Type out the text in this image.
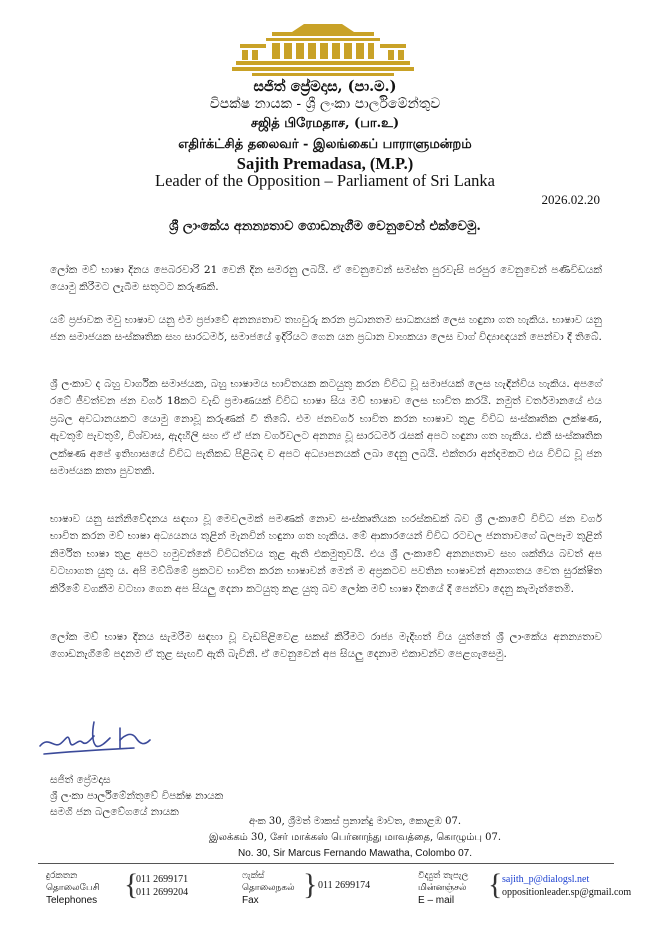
සජිත් ප්‍රේමදාස, (පා.ම.)
විපක්ෂ නායක - ශ්‍රී ලංකා පාර්ලිමේන්තුව
சஜித் பிரேமதாச, (பா.உ)
எதிர்க்ட்சித் தலைவர் - இலங்கைப் பாராளுமன்றம்
Sajith Premadasa, (M.P.)
Leader of the Opposition – Parliament of Sri Lanka
2026.02.20
ශ්‍රී ලාංකේය අනන්‍යතාව ගොඩනැගීම වෙනුවෙන් එක්වෙමු.
ලෝක මව් භාෂා දිනය පෙබරවාරි 21 වෙනි දින සමරනු ලබයි. ඒ වෙනුවෙන් සමස්ත පුරවැසි පරපුර වෙනුවෙන් පණිවිඩයක් යොමු කිරීමට ලැබීම සතුටට කරුණකි.
යම් ප්‍රජාවක මවු භාෂාව යනු එම ප්‍රජාවේ අනන්‍යතාව තහවුරු කරන ප්‍රධානතම සාධකයක් ලෙස හඳුනා ගත හැකිය. භාෂාව යනු ජන සමාජයක සංස්කෘතික සහ සාරධර්ම, සමාජයේ ඉදිරියට ගෙන යන ප්‍රධාන වාහකයා ලෙස වාග් විද්‍යාඥයන් පෙන්වා දී තිබේ.
ශ්‍රී ලංකාව ද බහු වාර්ගික සමාජයක, බහු භාෂාමය භාවිතයක කටයුතු කරන විවිධ වූ සමාජයක් ලෙස හැඳින්විය හැකිය. අපගේ රටේ ජීවත්වන ජන වර්ග 18කට වැඩි ප්‍රමාණයක් විවිධ භාෂා සිය මව් භාෂාව ලෙස භාවිත කරයි. නමුත් වර්තමානයේ එය ප්‍රබල අවධානයකට යොමු නොවූ කරුණක් වී තිබේ. එම ජනවර්ග භාවිත කරන භාෂාව තුළ විවිධ සංස්කෘතික ලක්ෂණ, ඇවතුම් පැවතුම්, විශ්වාස, ඇදහිලි සහ ඒ ඒ ජන වර්ගවලට අනන්‍ය වූ සාරධර්ම රැසක් අපට හඳුනා ගත හැකිය. එකී සංස්කෘතික ලක්ෂණ අපේ ඉතිහාසයේ විවිධ පැතිකඩ පිළිබඳ ව අපට අධ්‍යාපනයක් ලබා දෙනු ලබයි. එක්තරා අන්දමකට එය විවිධ වූ ජන සමාජයක කතා පුවතකි.
භාෂාව යනු සන්නිවේදනය සඳහා වූ මෙවලමක් පමණක් නොව සංස්කෘතියක හරස්කඩක් බව ශ්‍රී ලංකාවේ විවිධ ජන වර්ග භාවිත කරන මව් භාෂා අධ්‍යයනය තුළින් මැනවින් හඳුනා ගත හැකිය. මේ ආකාරයෙන් විවිධ රටවල ජනතාවගේ බලපෑම තුළින් නිර්මිත භාෂා තුළ අපට හමුවන්නේ විවිධත්වය තුළ ඇති එකමුතුවයි. එය ශ්‍රී ලංකාවේ අනන්‍යතාව සහ ශක්තිය බවත් අප වටහාගත යුතු ය. අපි මව්බිමේ ප්‍රකටව භාවිත කරන භාෂාවන් මෙන් ම අප්‍රකටව පවතින භාෂාවන් අනාගතය වෙත සුරක්ෂිත කිරීමේ වගකීම වටහා ගෙන අප සියලු දෙනා කටයුතු කළ යුතු බව ලෝක මව් භාෂා දිනයේ දී පෙන්වා දෙනු කැමැත්තෙමි.
ලෝක මව් භාෂා දිනය සැමරීම සඳහා වූ වැඩපිළිවෙළ සකස් කිරීමට රාජ්‍ය මැදිහත් විය යුත්තේ ශ්‍රී ලාංකේය අනන්‍යතාව ගොඩනැගීමේ පදනම ඒ තුළ සැඟවී ඇති බැවිනි. ඒ වෙනුවෙන් අප සියලු දෙනාම එකාවන්ව පෙළගැසෙමු.
සජිත් ප්‍රේමදාස
ශ්‍රී ලංකා පාර්ලිමේන්තුවේ විපක්ෂ නායක
සමගි ජන බලවේගයේ නායක
අංක 30, ශ්‍රීමත් මාකස් ප්‍රනාන්දු මාවත, කොළඹ 07.
இலக்கம் 30, சேர் மாக்கஸ் பெர்னாந்து மாவத்தை, கொழும்பு 07.
No. 30, Sir Marcus Fernando Mawatha, Colombo 07.
දුරකතන
தொலைபேசி
Telephones {
011 2699171
011 2699204
ෆැක්ස්
தொலைநகல்
Fax } 011 2699174
විද්‍යුත් තැපැල
மின்னஞ்சல்
E – mail { sajith_p@dialogsl.net
oppositionleader.sp@gmail.com
